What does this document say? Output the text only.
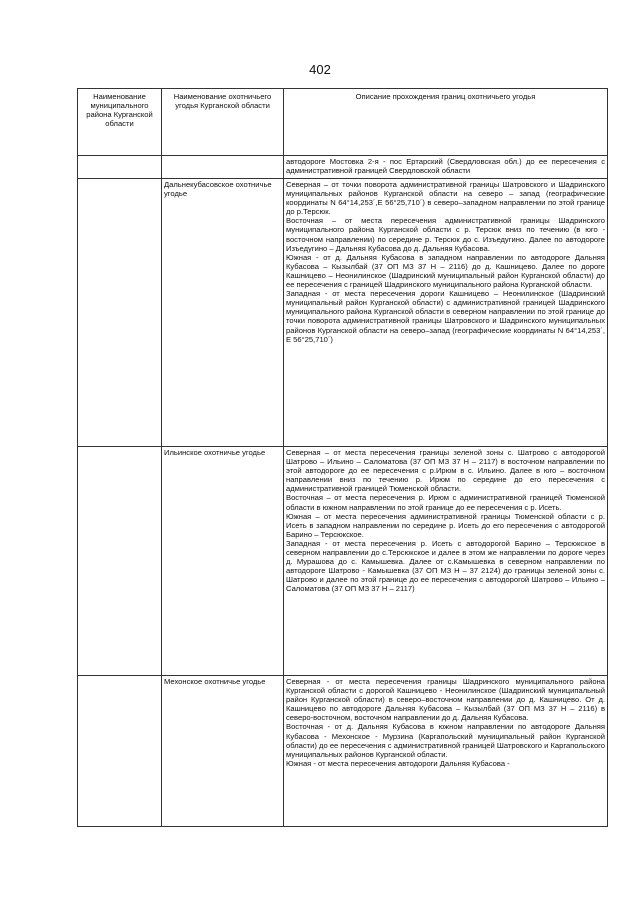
402
Наименование муниципального района Курганской области	Наименование охотничьего угодья Курганской области	Описание прохождения границ охотничьего угодья

		автодороге Мостовка 2-я - пос Ертарский (Свердловская обл.) до ее пересечения с административной границей Свердловской области

	Дальнекубасовское охотничье угодье	Северная – от точки поворота административной границы Шатровского и Шадринского муниципальных районов Курганской области на северо – запад (географические координаты N 64°14,253´,Е 56°25,710´) в северо–западном направлении по этой границе до р.Терсюк.

Восточная – от места пересечения административной границы Шадринского муниципального района Курганской области с р. Терсюк вниз по течению (в юго - восточном направлении) по середине р. Терсюк до с. Изъедугино. Далее по автодороге Изъедугино – Дальняя Кубасова до д. Дальняя Кубасова.

Южная - от д. Дальняя Кубасова в западном направлении по автодороге Дальняя Кубасова – Кызылбай (37 ОП МЗ 37 Н – 2116) до д. Кашницево. Далее по дороге Кашницево – Неонилинское (Шадринский муниципальный район Курганской области) до ее пересечения с границей Шадринского муниципального района Курганской области.

Западная - от места пересечения дороги Кашницево – Неонилинское (Шадринский муниципальный район Курганской области) с административной границей Шадринского муниципального района Курганской области в северном направлении по этой границе до точки поворота административной границы Шатровского и Шадринского муниципальных районов Курганской области на северо–запад (географические координаты N 64°14,253´, Е 56°25,710´)

	Ильинское охотничье угодье	Северная – от места пересечения границы зеленой зоны с. Шатрово с автодорогой Шатрово – Ильино – Саломатова (37 ОП МЗ 37 Н – 2117) в восточном направлении по этой автодороге до ее пересечения с р.Ирюм в с. Ильино. Далее в юго – восточном направлении вниз по течению р. Ирюм по середине до его пересечения с административной границей Тюменской области.

Восточная – от места пересечения р. Ирюм с административной границей Тюменской области в южном направлении по этой границе до ее пересечения с р. Исеть.

Южная – от места пересечения административной границы Тюменской области с р. Исеть в западном направлении по середине р. Исеть до его пересечения с автодорогой Барино – Терсюкское.

Западная - от места пересечения р. Исеть с автодорогой Барино – Терсюкское в северном направлении до с.Терсюкское и далее в этом же направлении по дороге через д. Мурашова до с. Камышевка. Далее от с.Камышевка в северном направлении по автодороге Шатрово - Камышевка (37 ОП МЗ Н – 37 2124) до границы зеленой зоны с. Шатрово и далее по этой границе до ее пересечения с автодорогой Шатрово – Ильино – Саломатова (37 ОП МЗ 37 Н – 2117)

	Мехонское охотничье угодье	Северная - от места пересечения границы Шадринского муниципального района Курганской области с дорогой Кашницево - Неонилинское (Шадринский муниципальный район Курганской области) в северо–восточном направлении до д. Кашницево. От д. Кашницево по автодороге Дальняя Кубасова – Кызылбай (37 ОП МЗ 37 Н – 2116) в северо-восточном, восточном направлении до д. Дальняя Кубасова.

Восточная - от д. Дальняя Кубасова в южном направлении по автодороге Дальняя Кубасова - Мехонское - Мурзина (Каргапольский муниципальный район Курганской области) до ее пересечения с административной границей Шатровского и Каргапольского муниципальных районов Курганской области.

Южная - от места пересечения автодороги Дальняя Кубасова -
